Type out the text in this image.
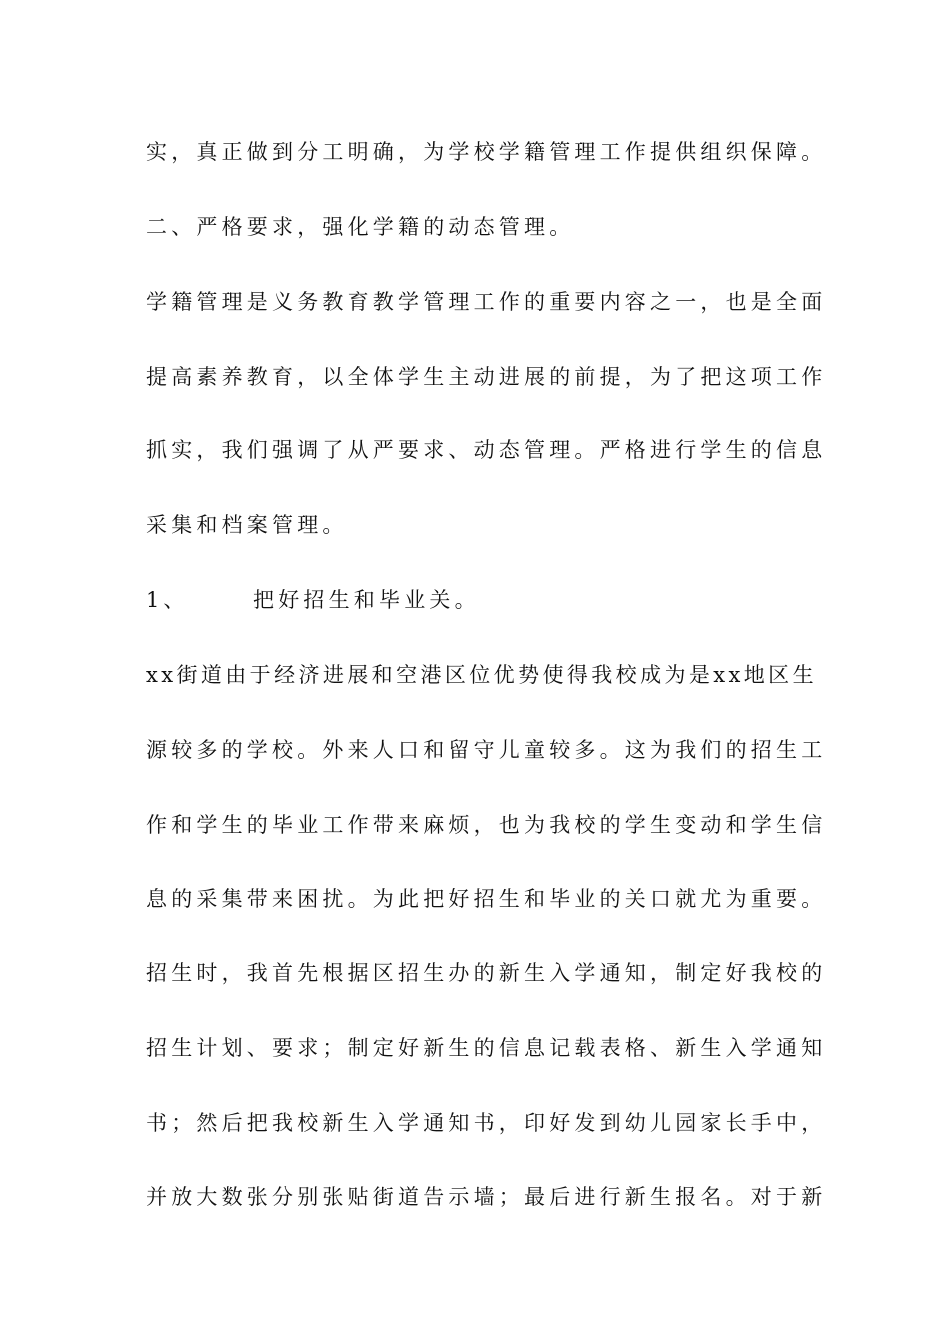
实，真正做到分工明确，为学校学籍管理工作提供组织保障。
二、严格要求，强化学籍的动态管理。
学籍管理是义务教育教学管理工作的重要内容之一，也是全面
提高素养教育，以全体学生主动进展的前提，为了把这项工作
抓实，我们强调了从严要求、动态管理。严格进行学生的信息
采集和档案管理。
1、	把好招生和毕业关。
xx街道由于经济进展和空港区位优势使得我校成为是xx地区生
源较多的学校。外来人口和留守儿童较多。这为我们的招生工
作和学生的毕业工作带来麻烦，也为我校的学生变动和学生信
息的采集带来困扰。为此把好招生和毕业的关口就尤为重要。
招生时，我首先根据区招生办的新生入学通知，制定好我校的
招生计划、要求；制定好新生的信息记载表格、新生入学通知
书；然后把我校新生入学通知书，印好发到幼儿园家长手中，
并放大数张分别张贴街道告示墙；最后进行新生报名。对于新
